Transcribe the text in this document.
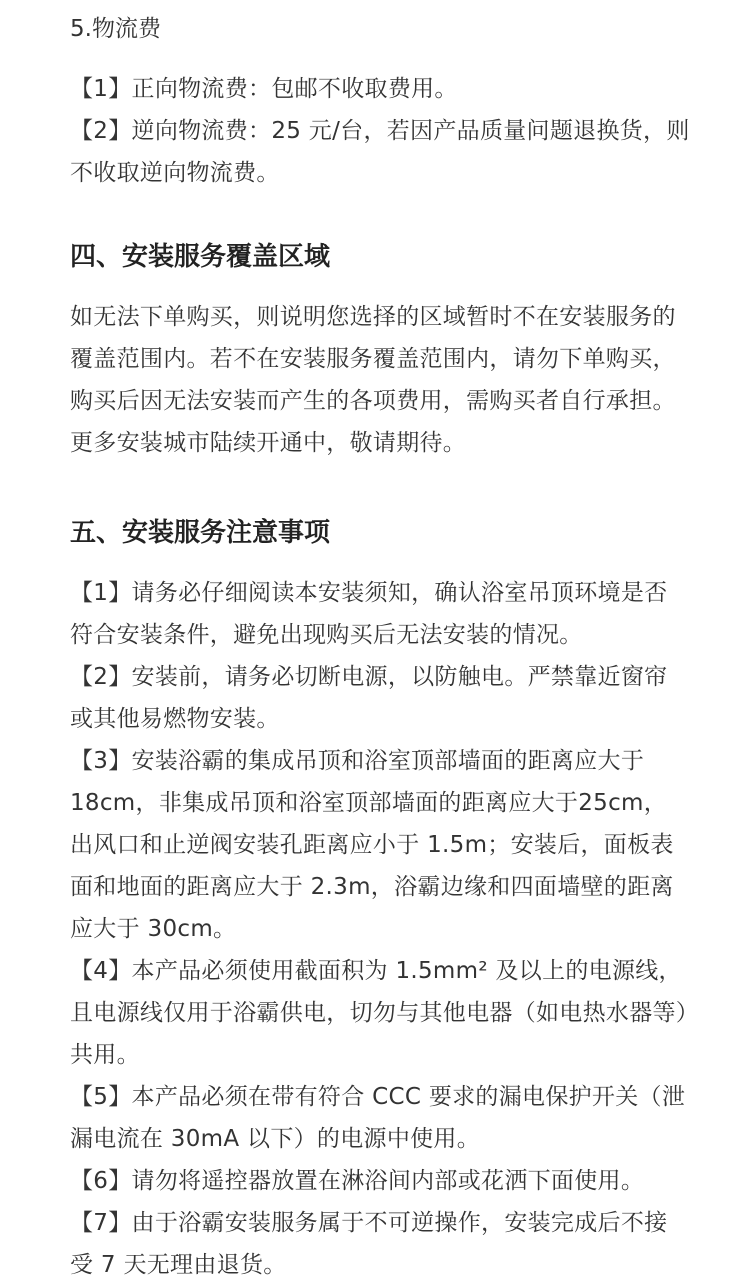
5.物流费

【1】正向物流费：包邮不收取费用。

【2】逆向物流费：25 元/台，若因产品质量问题退换货，则不收取逆向物流费。

四、安装服务覆盖区域

如无法下单购买，则说明您选择的区域暂时不在安装服务的覆盖范围内。若不在安装服务覆盖范围内，请勿下单购买，购买后因无法安装而产生的各项费用，需购买者自行承担。更多安装城市陆续开通中，敬请期待。

五、安装服务注意事项

【1】请务必仔细阅读本安装须知，确认浴室吊顶环境是否符合安装条件，避免出现购买后无法安装的情况。

【2】安装前，请务必切断电源，以防触电。严禁靠近窗帘或其他易燃物安装。

【3】安装浴霸的集成吊顶和浴室顶部墙面的距离应大于18cm，非集成吊顶和浴室顶部墙面的距离应大于25cm，出风口和止逆阀安装孔距离应小于 1.5m；安装后，面板表面和地面的距离应大于 2.3m，浴霸边缘和四面墙壁的距离应大于 30cm。

【4】本产品必须使用截面积为 1.5mm² 及以上的电源线，且电源线仅用于浴霸供电，切勿与其他电器（如电热水器等）共用。

【5】本产品必须在带有符合 CCC 要求的漏电保护开关（泄漏电流在 30mA 以下）的电源中使用。

【6】请勿将遥控器放置在淋浴间内部或花洒下面使用。

【7】由于浴霸安装服务属于不可逆操作，安装完成后不接受 7 天无理由退货。
